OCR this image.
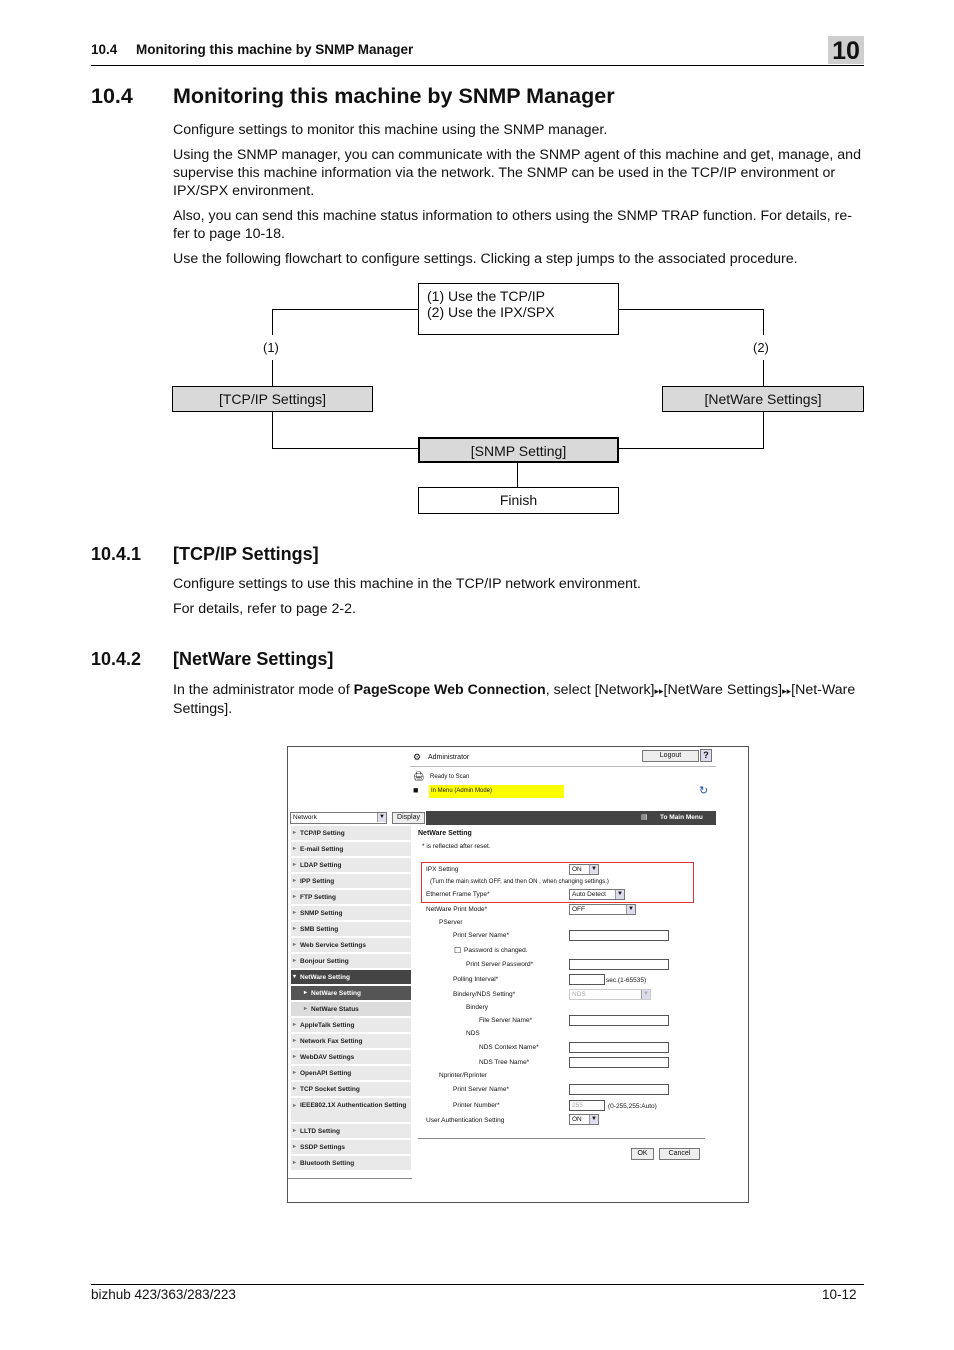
10.4     Monitoring this machine by SNMP Manager	10
10.4 Monitoring this machine by SNMP Manager
Configure settings to monitor this machine using the SNMP manager.
Using the SNMP manager, you can communicate with the SNMP agent of this machine and get, manage, and supervise this machine information via the network. The SNMP can be used in the TCP/IP environment or IPX/SPX environment.
Also, you can send this machine status information to others using the SNMP TRAP function. For details, re-fer to page 10-18.
Use the following flowchart to configure settings. Clicking a step jumps to the associated procedure.
(1) Use the TCP/IP
(2) Use the IPX/SPX
(1)	(2)
[TCP/IP Settings]	[NetWare Settings]
[SNMP Setting]
Finish
10.4.1 [TCP/IP Settings]
Configure settings to use this machine in the TCP/IP network environment.
For details, refer to page 2-2.
10.4.2 [NetWare Settings]
In the administrator mode of PageScope Web Connection, select [Network]▸▸[NetWare Settings]▸▸[Net-Ware Settings].
⚙ Administrator	Logout	?
🖨 Ready to Scan
■ In Menu (Admin Mode)	↻
Network	▼	Display	▤ To Main Menu
▸ TCP/IP Setting
▸ E-mail Setting
▸ LDAP Setting
▸ IPP Setting
▸ FTP Setting
▸ SNMP Setting
▸ SMB Setting
▸ Web Service Settings
▸ Bonjour Setting
▾ NetWare Setting
▸ NetWare Setting
▸ NetWare Status
▸ AppleTalk Setting
▸ Network Fax Setting
▸ WebDAV Settings
▸ OpenAPI Setting
▸ TCP Socket Setting
▸ IEEE802.1X Authentication Setting
▸ LLTD Setting
▸ SSDP Settings
▸ Bluetooth Setting
NetWare Setting
* is reflected after reset.
IPX Setting	ON	▼
(Turn the main switch OFF, and then ON , when changing settings.)
Ethernet Frame Type*	Auto Detect	▼
NetWare Print Mode*	OFF	▼
PServer
Print Server Name*
☐ Password is changed.
Print Server Password*
Polling Interval*	sec.(1-65535)
Bindery/NDS Setting*	NDS	▼
Bindery
File Server Name*
NDS
NDS Context Name*
NDS Tree Name*
Nprinter/Rprinter
Print Server Name*
Printer Number*	255	(0-255,255:Auto)
User Authentication Setting	ON	▼
OK	Cancel
bizhub 423/363/283/223	10-12
